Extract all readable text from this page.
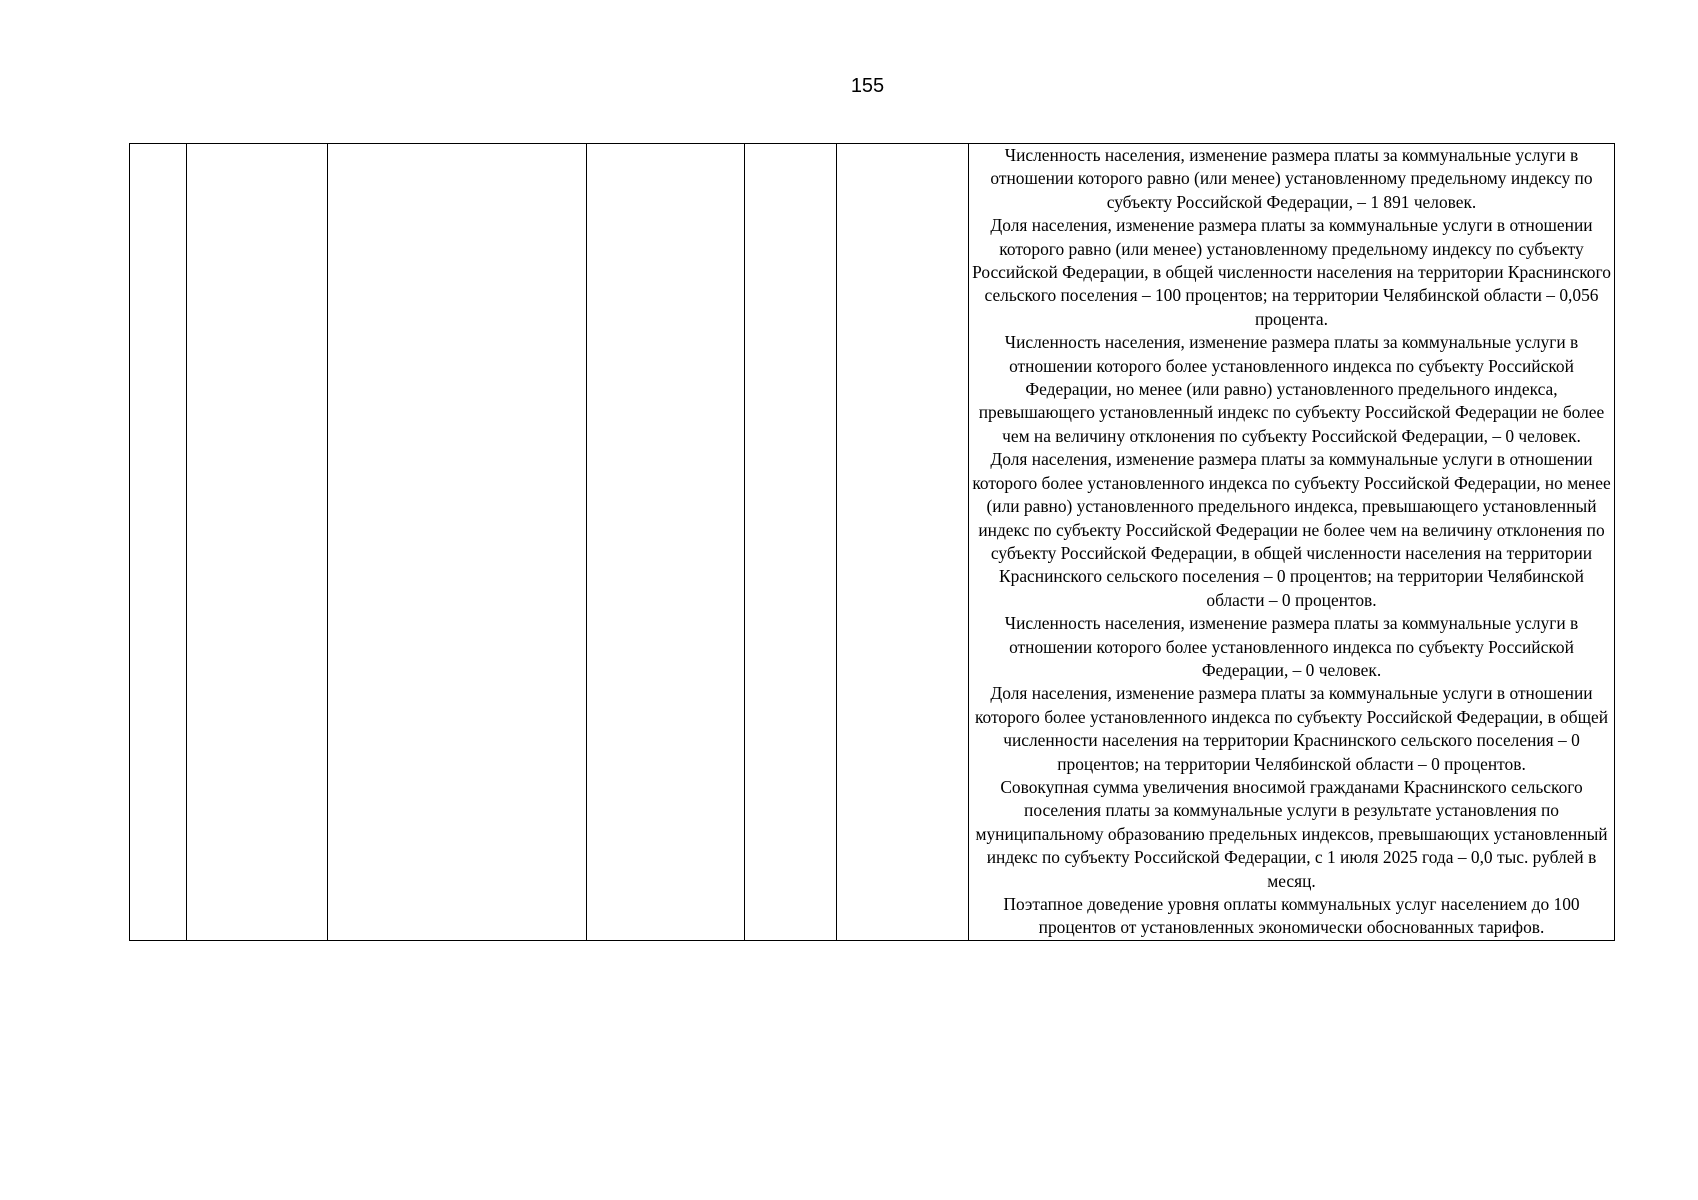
155

Численность населения, изменение размера платы за коммунальные услуги в отношении которого равно (или менее) установленному предельному индексу по субъекту Российской Федерации, – 1 891 человек.

Доля населения, изменение размера платы за коммунальные услуги в отношении которого равно (или менее) установленному предельному индексу по субъекту Российской Федерации, в общей численности населения на территории Краснинского сельского поселения – 100 процентов; на территории Челябинской области – 0,056 процента.

Численность населения, изменение размера платы за коммунальные услуги в отношении которого более установленного индекса по субъекту Российской Федерации, но менее (или равно) установленного предельного индекса, превышающего установленный индекс по субъекту Российской Федерации не более чем на величину отклонения по субъекту Российской Федерации, – 0 человек.

Доля населения, изменение размера платы за коммунальные услуги в отношении которого более установленного индекса по субъекту Российской Федерации, но менее (или равно) установленного предельного индекса, превышающего установленный индекс по субъекту Российской Федерации не более чем на величину отклонения по субъекту Российской Федерации, в общей численности населения на территории Краснинского сельского поселения – 0 процентов; на территории Челябинской области – 0 процентов.

Численность населения, изменение размера платы за коммунальные услуги в отношении которого более установленного индекса по субъекту Российской Федерации, – 0 человек.

Доля населения, изменение размера платы за коммунальные услуги в отношении которого более установленного индекса по субъекту Российской Федерации, в общей численности населения на территории Краснинского сельского поселения – 0 процентов; на территории Челябинской области – 0 процентов.

Совокупная сумма увеличения вносимой гражданами Краснинского сельского поселения платы за коммунальные услуги в результате установления по муниципальному образованию предельных индексов, превышающих установленный индекс по субъекту Российской Федерации, с 1 июля 2025 года – 0,0 тыс. рублей в месяц.

Поэтапное доведение уровня оплаты коммунальных услуг населением до 100 процентов от установленных экономически обоснованных тарифов.
